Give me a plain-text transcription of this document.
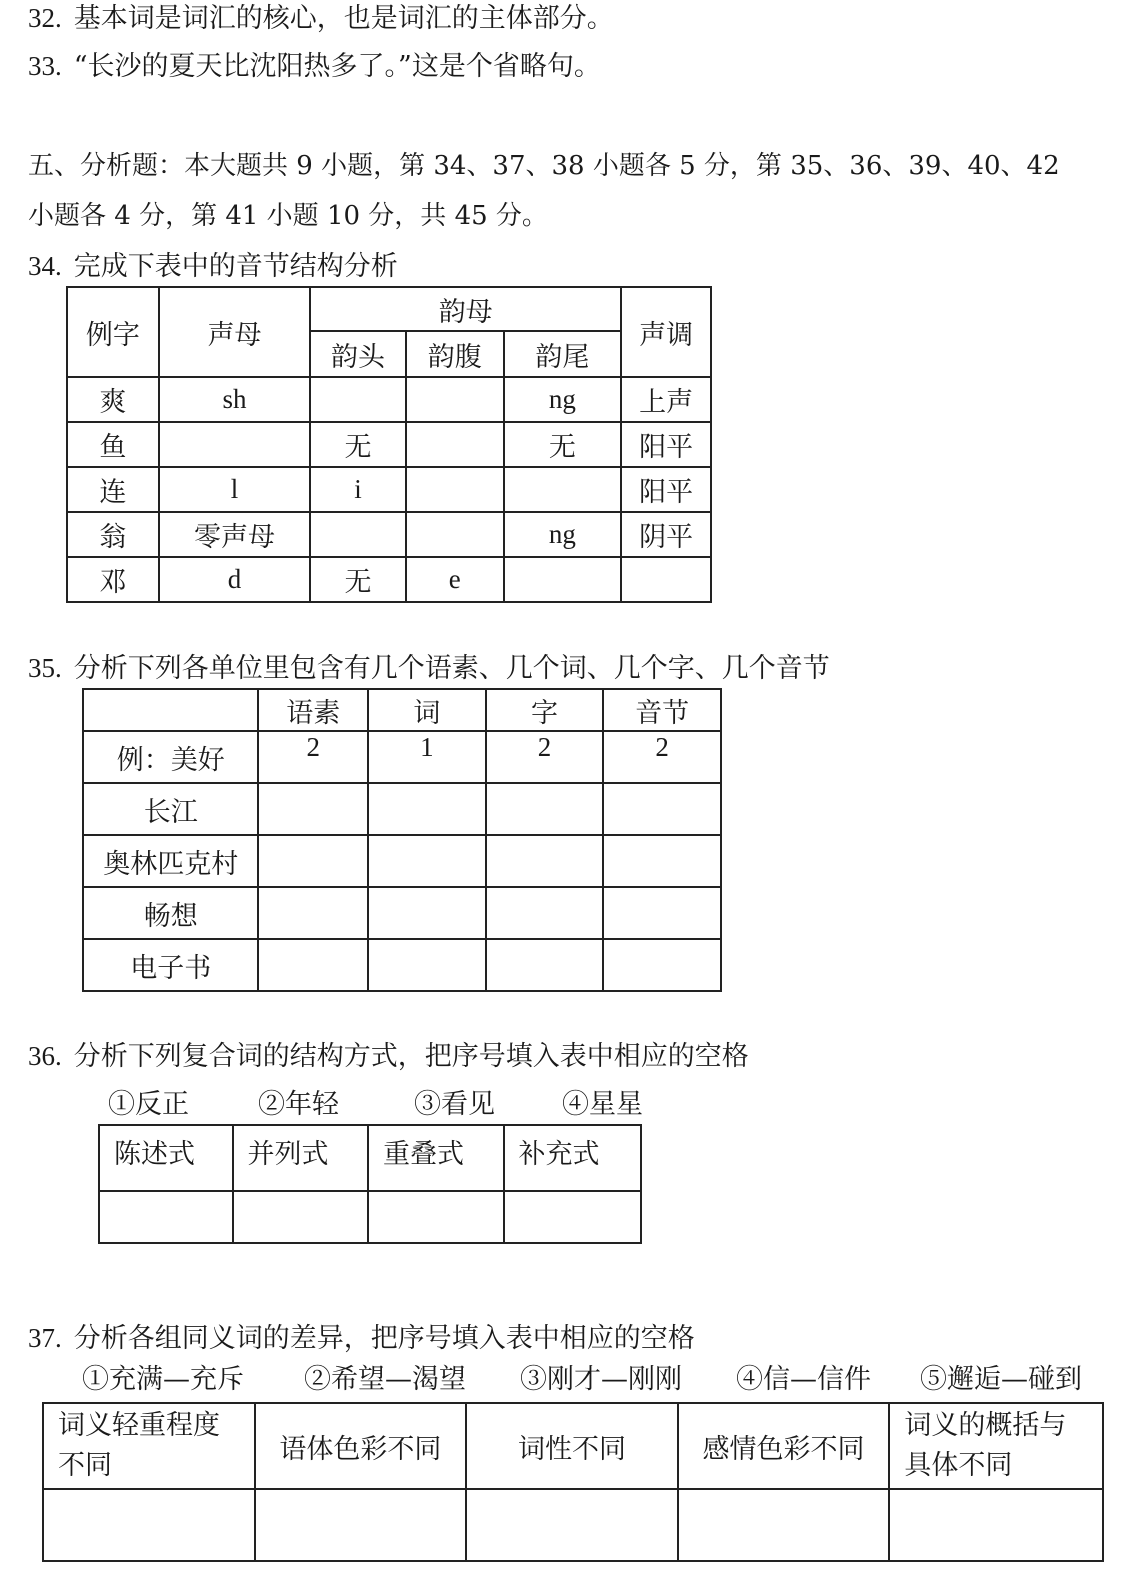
32. 基本词是词汇的核心，也是词汇的主体部分。
33. “长沙的夏天比沈阳热多了。”这是个省略句。
五、分析题：本大题共 9 小题，第 34、37、38 小题各 5 分，第 35、36、39、40、42
小题各 4 分，第 41 小题 10 分，共 45 分。
34. 完成下表中的音节结构分析
例字	声母	韵母			声调
		韵头	韵腹	韵尾	
爽	sh			ng	上声
鱼		无		无	阳平
连	l	i			阳平
翁	零声母			ng	阴平
邓	d	无	e		
35. 分析下列各单位里包含有几个语素、几个词、几个字、几个音节
	语素	词	字	音节
例：美好	2	1	2	2
长江				
奥林匹克村				
畅想				
电子书				
36. 分析下列复合词的结构方式，把序号填入表中相应的空格
①反正	②年轻	③看见 ④星星
陈述式	并列式	重叠式	补充式

37. 分析各组同义词的差异，把序号填入表中相应的空格
①充满—充斥 ②希望—渴望 ③刚才—刚刚 ④信—信件 ⑤邂逅—碰到
词义轻重程度
不同	语体色彩不同	词性不同	感情色彩不同	词义的概括与
具体不同
